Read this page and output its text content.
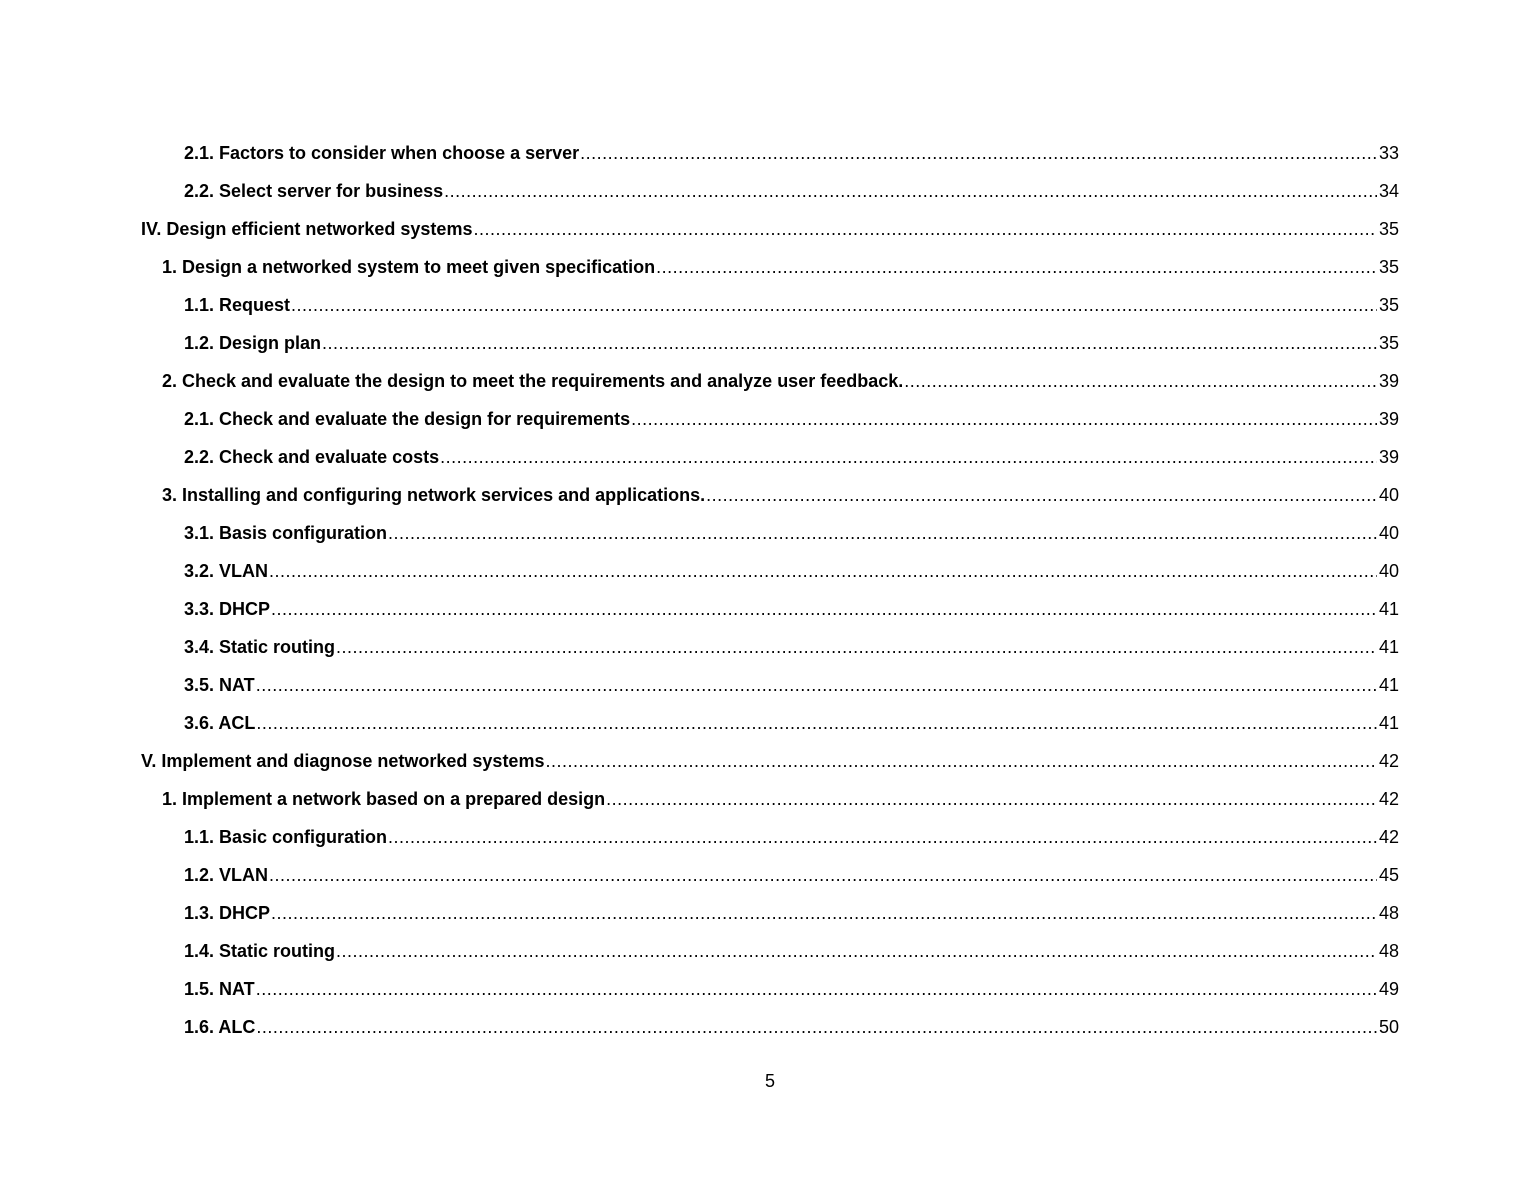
2.1. Factors to consider when choose a server .....	33
2.2. Select server for business .....	34
IV. Design efficient networked systems .....	35
1. Design a networked system to meet given specification .....	35
1.1. Request .....	35
1.2. Design plan .....	35
2. Check and evaluate the design to meet the requirements and analyze user feedback. .....	39
2.1. Check and evaluate the design for requirements .....	39
2.2. Check and evaluate costs .....	39
3. Installing and configuring network services and applications. .....	40
3.1. Basis configuration .....	40
3.2. VLAN .....	40
3.3. DHCP .....	41
3.4. Static routing .....	41
3.5. NAT .....	41
3.6. ACL .....	41
V. Implement and diagnose networked systems .....	42
1. Implement a network based on a prepared design .....	42
1.1. Basic configuration .....	42
1.2. VLAN .....	45
1.3. DHCP .....	48
1.4. Static routing .....	48
1.5. NAT .....	49
1.6. ALC .....	50
5
